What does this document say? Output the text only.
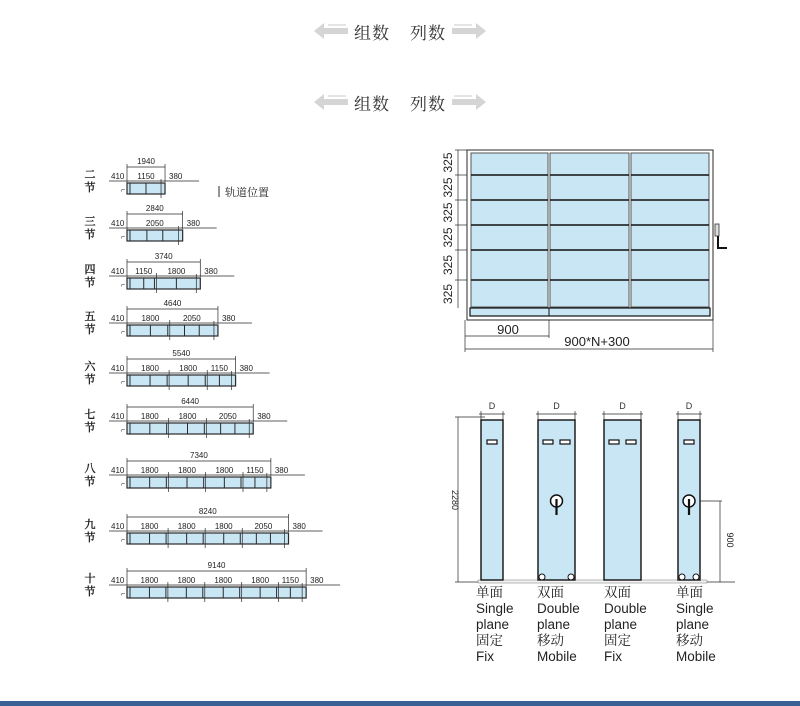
组数 列数
组数 列数
二
节
1940
410	380
⌐
1150
三
节
2840
410	380
⌐
2050
四
节
3740
410	380
⌐
1150 1800
五
节
4640
410	380
⌐
1800	2050
六
节
5540
410	380
⌐
1800	1800 1150
七
节
6440
410	380
⌐
1800 1800	2050
八
节
7340
410	380
⌐
1800 1800 1800 1150
九
节
8240
410	380
⌐
1800 1800 1800	2050
十
节
9140
410	380
⌐
1800 1800 1800 1800 1150
轨道位置
325
325
325
325
325
325
900
900*N+300
2280
D
单面
Single
plane
固定
Fix
D
双面
Double
plane
移动
Mobile
D
双面
Double
plane
固定
Fix
D
单面
Single
plane
移动
Mobile
900
